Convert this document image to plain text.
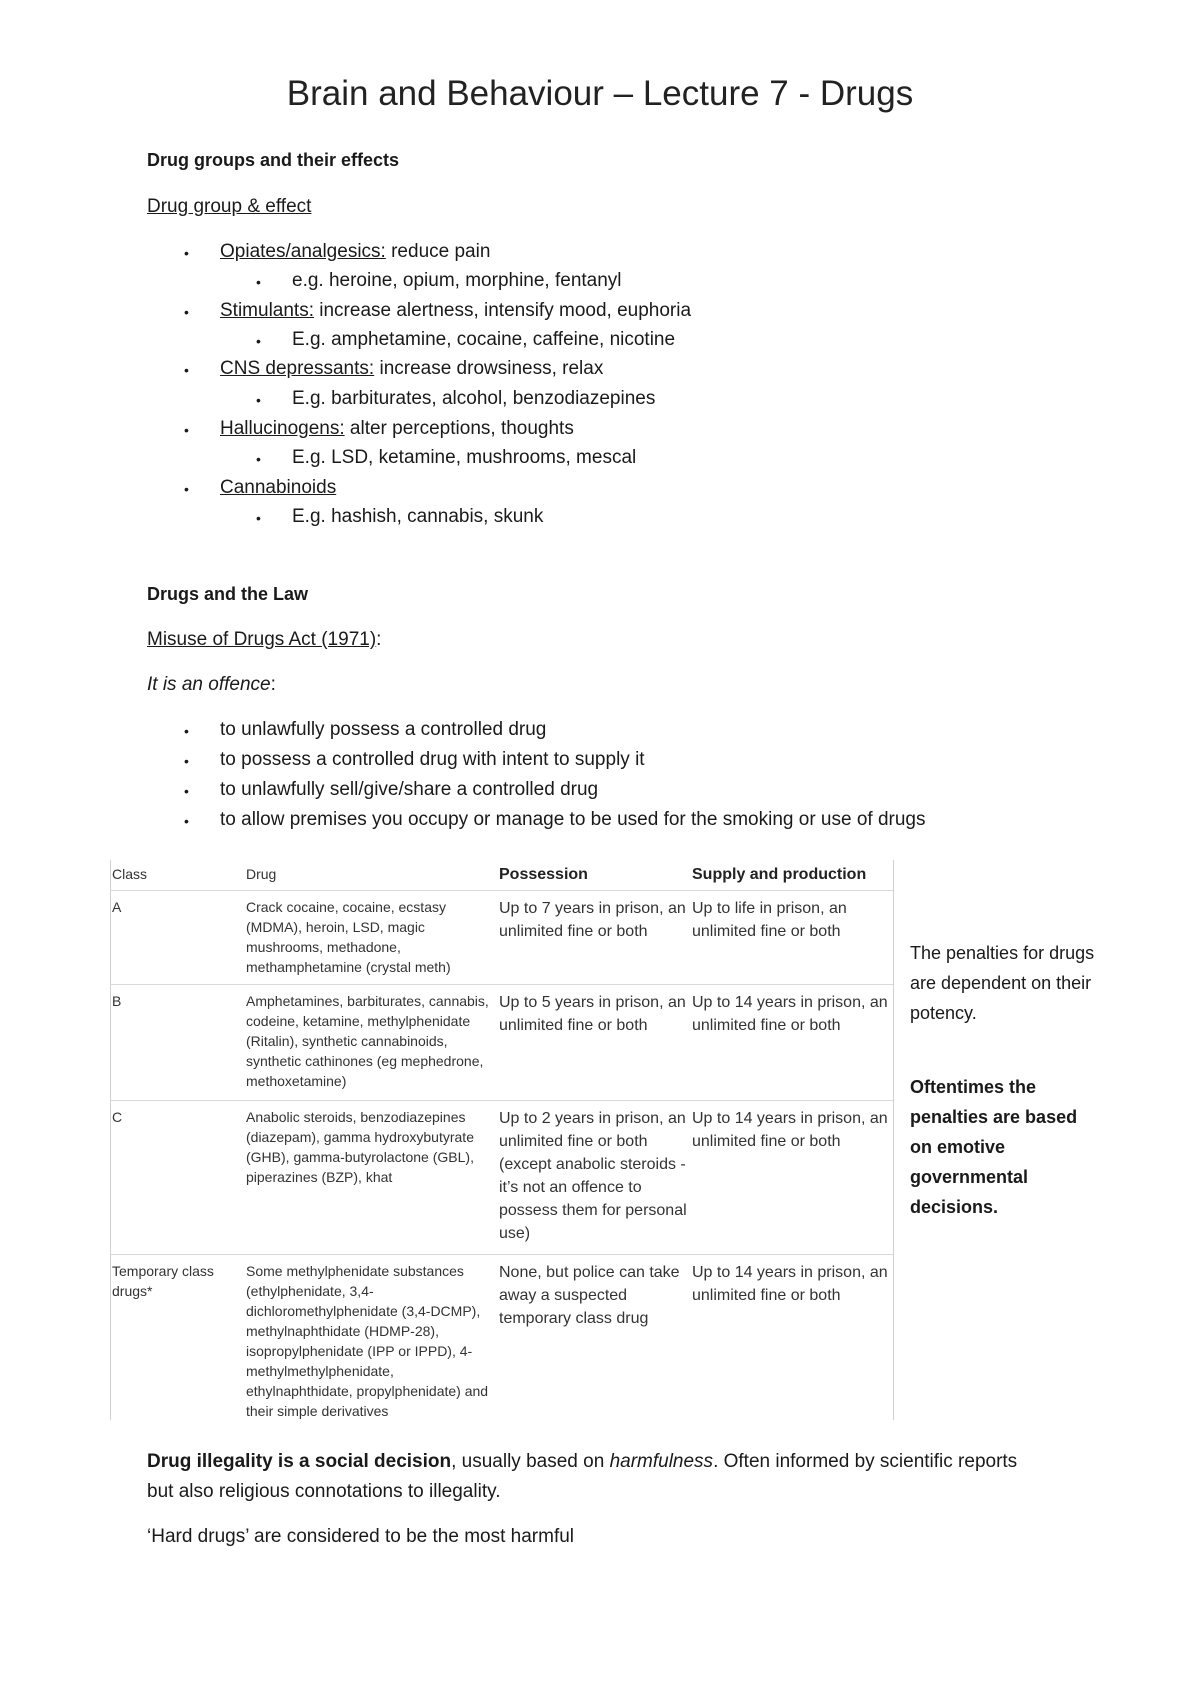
Brain and Behaviour – Lecture 7 - Drugs
Drug groups and their effects
Drug group & effect
• Opiates/analgesics: reduce pain
• e.g. heroine, opium, morphine, fentanyl
• Stimulants: increase alertness, intensify mood, euphoria
• E.g. amphetamine, cocaine, caffeine, nicotine
• CNS depressants: increase drowsiness, relax
• E.g. barbiturates, alcohol, benzodiazepines
• Hallucinogens: alter perceptions, thoughts
• E.g. LSD, ketamine, mushrooms, mescal
• Cannabinoids
• E.g. hashish, cannabis, skunk
Drugs and the Law
Misuse of Drugs Act (1971):
It is an offence:
• to unlawfully possess a controlled drug
• to possess a controlled drug with intent to supply it
• to unlawfully sell/give/share a controlled drug
• to allow premises you occupy or manage to be used for the smoking or use of drugs
Class	Drug	Possession	Supply and production
A	Crack cocaine, cocaine, ecstasy (MDMA), heroin, LSD, magic mushrooms, methadone, methamphetamine (crystal meth)	Up to 7 years in prison, an unlimited fine or both	Up to life in prison, an unlimited fine or both
B	Amphetamines, barbiturates, cannabis, codeine, ketamine, methylphenidate (Ritalin), synthetic cannabinoids, synthetic cathinones (eg mephedrone, methoxetamine)	Up to 5 years in prison, an unlimited fine or both	Up to 14 years in prison, an unlimited fine or both
C	Anabolic steroids, benzodiazepines (diazepam), gamma hydroxybutyrate (GHB), gamma-butyrolactone (GBL), piperazines (BZP), khat	Up to 2 years in prison, an unlimited fine or both (except anabolic steroids - it’s not an offence to possess them for personal use)	Up to 14 years in prison, an unlimited fine or both
Temporary class drugs*	Some methylphenidate substances (ethylphenidate, 3,4-dichloromethylphenidate (3,4-DCMP), methylnaphthidate (HDMP-28), isopropylphenidate (IPP or IPPD), 4-methylmethylphenidate, ethylnaphthidate, propylphenidate) and their simple derivatives	None, but police can take away a suspected temporary class drug	Up to 14 years in prison, an unlimited fine or both
The penalties for drugs are dependent on their potency.
Oftentimes the penalties are based on emotive governmental decisions.
Drug illegality is a social decision, usually based on harmfulness. Often informed by scientific reports
but also religious connotations to illegality.
‘Hard drugs’ are considered to be the most harmful
